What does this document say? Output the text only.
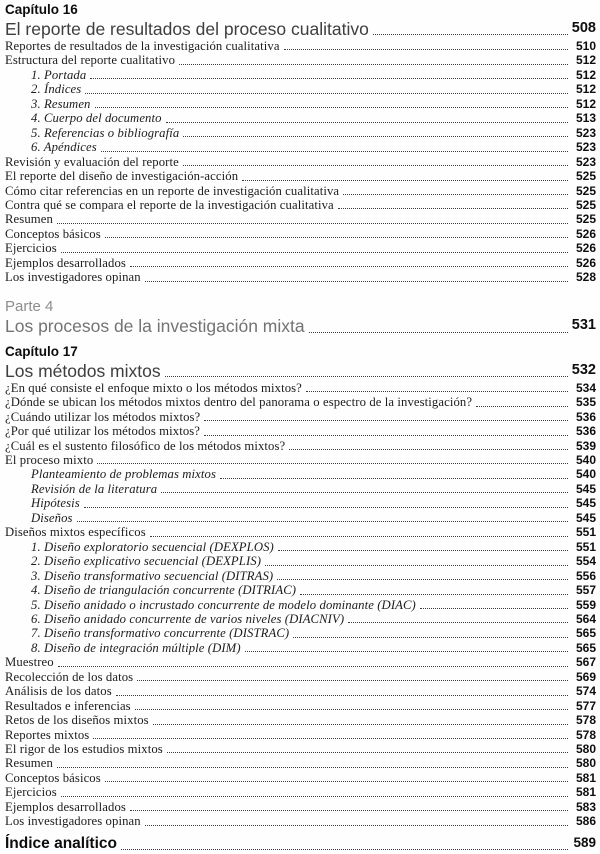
Capítulo 16
El reporte de resultados del proceso cualitativo	508
Reportes de resultados de la investigación cualitativa	510
Estructura del reporte cualitativo	512
1. Portada	512
2. Índices	512
3. Resumen	512
4. Cuerpo del documento	513
5. Referencias o bibliografía	523
6. Apéndices	523
Revisión y evaluación del reporte	523
El reporte del diseño de investigación-acción	525
Cómo citar referencias en un reporte de investigación cualitativa	525
Contra qué se compara el reporte de la investigación cualitativa	525
Resumen	525
Conceptos básicos	526
Ejercicios	526
Ejemplos desarrollados	526
Los investigadores opinan	528
Parte 4
Los procesos de la investigación mixta	531
Capítulo 17
Los métodos mixtos	532
¿En qué consiste el enfoque mixto o los métodos mixtos?	534
¿Dónde se ubican los métodos mixtos dentro del panorama o espectro de la investigación?	535
¿Cuándo utilizar los métodos mixtos?	536
¿Por qué utilizar los métodos mixtos?	536
¿Cuál es el sustento filosófico de los métodos mixtos?	539
El proceso mixto	540
Planteamiento de problemas mixtos	540
Revisión de la literatura	545
Hipótesis	545
Diseños	545
Diseños mixtos específicos	551
1. Diseño exploratorio secuencial (DEXPLOS)	551
2. Diseño explicativo secuencial (DEXPLIS)	554
3. Diseño transformativo secuencial (DITRAS)	556
4. Diseño de triangulación concurrente (DITRIAC)	557
5. Diseño anidado o incrustado concurrente de modelo dominante (DIAC)	559
6. Diseño anidado concurrente de varios niveles (DIACNIV)	564
7. Diseño transformativo concurrente (DISTRAC)	565
8. Diseño de integración múltiple (DIM)	565
Muestreo	567
Recolección de los datos	569
Análisis de los datos	574
Resultados e inferencias	577
Retos de los diseños mixtos	578
Reportes mixtos	578
El rigor de los estudios mixtos	580
Resumen	580
Conceptos básicos	581
Ejercicios	581
Ejemplos desarrollados	583
Los investigadores opinan	586
Índice analítico	589
